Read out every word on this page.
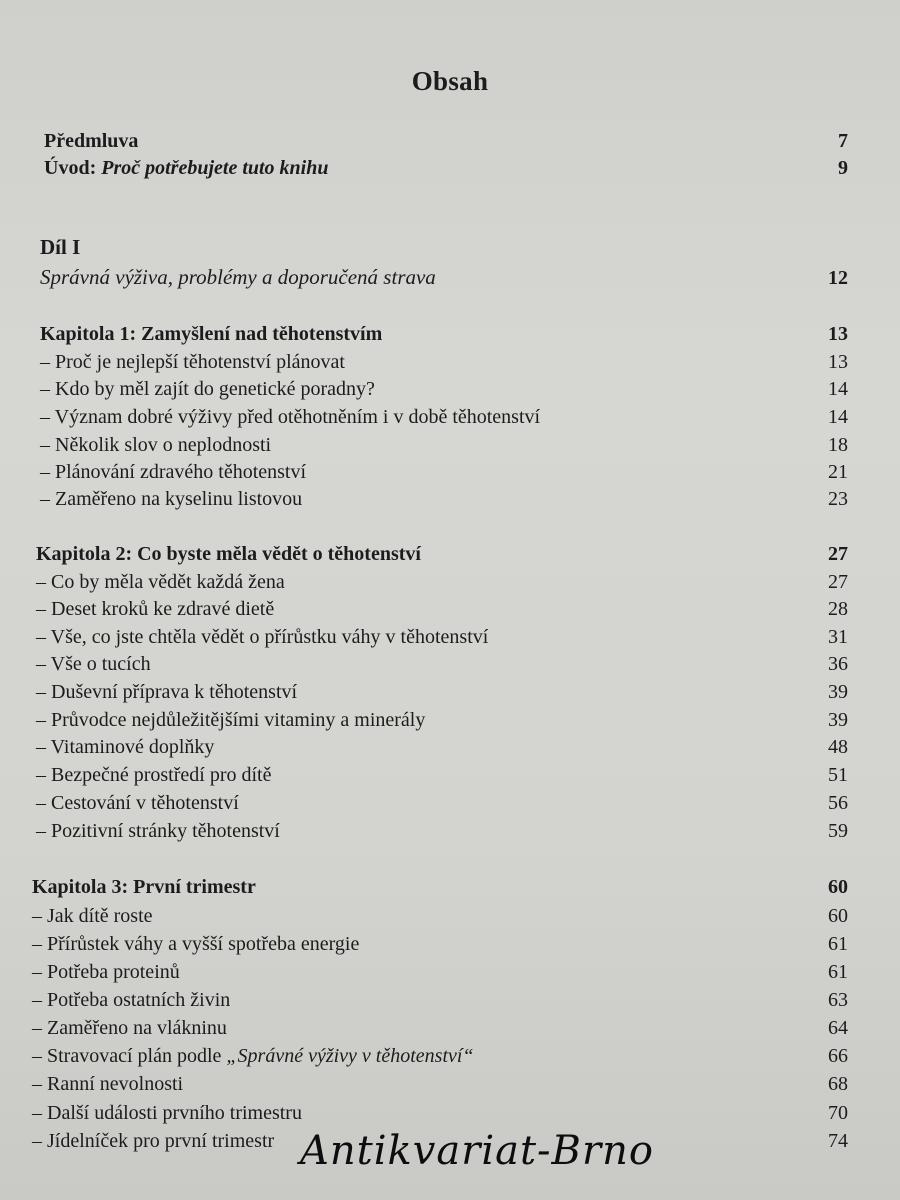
Obsah
Předmluva	7
Úvod: Proč potřebujete tuto knihu	9
Díl I
Správná výživa, problémy a doporučená strava	12
Kapitola 1: Zamyšlení nad těhotenstvím	13
– Proč je nejlepší těhotenství plánovat	13
– Kdo by měl zajít do genetické poradny?	14
– Význam dobré výživy před otěhotněním i v době těhotenství	14
– Několik slov o neplodnosti	18
– Plánování zdravého těhotenství	21
– Zaměřeno na kyselinu listovou	23
Kapitola 2: Co byste měla vědět o těhotenství	27
– Co by měla vědět každá žena	27
– Deset kroků ke zdravé dietě	28
– Vše, co jste chtěla vědět o přírůstku váhy v těhotenství	31
– Vše o tucích	36
– Duševní příprava k těhotenství	39
– Průvodce nejdůležitějšími vitaminy a minerály	39
– Vitaminové doplňky	48
– Bezpečné prostředí pro dítě	51
– Cestování v těhotenství	56
– Pozitivní stránky těhotenství	59
Kapitola 3: První trimestr	60
– Jak dítě roste	60
– Přírůstek váhy a vyšší spotřeba energie	61
– Potřeba proteinů	61
– Potřeba ostatních živin	63
– Zaměřeno na vlákninu	64
– Stravovací plán podle „Správné výživy v těhotenství“	66
– Ranní nevolnosti	68
– Další události prvního trimestru	70
– Jídelníček pro první trimestr	74
Antikvariat-Brno
